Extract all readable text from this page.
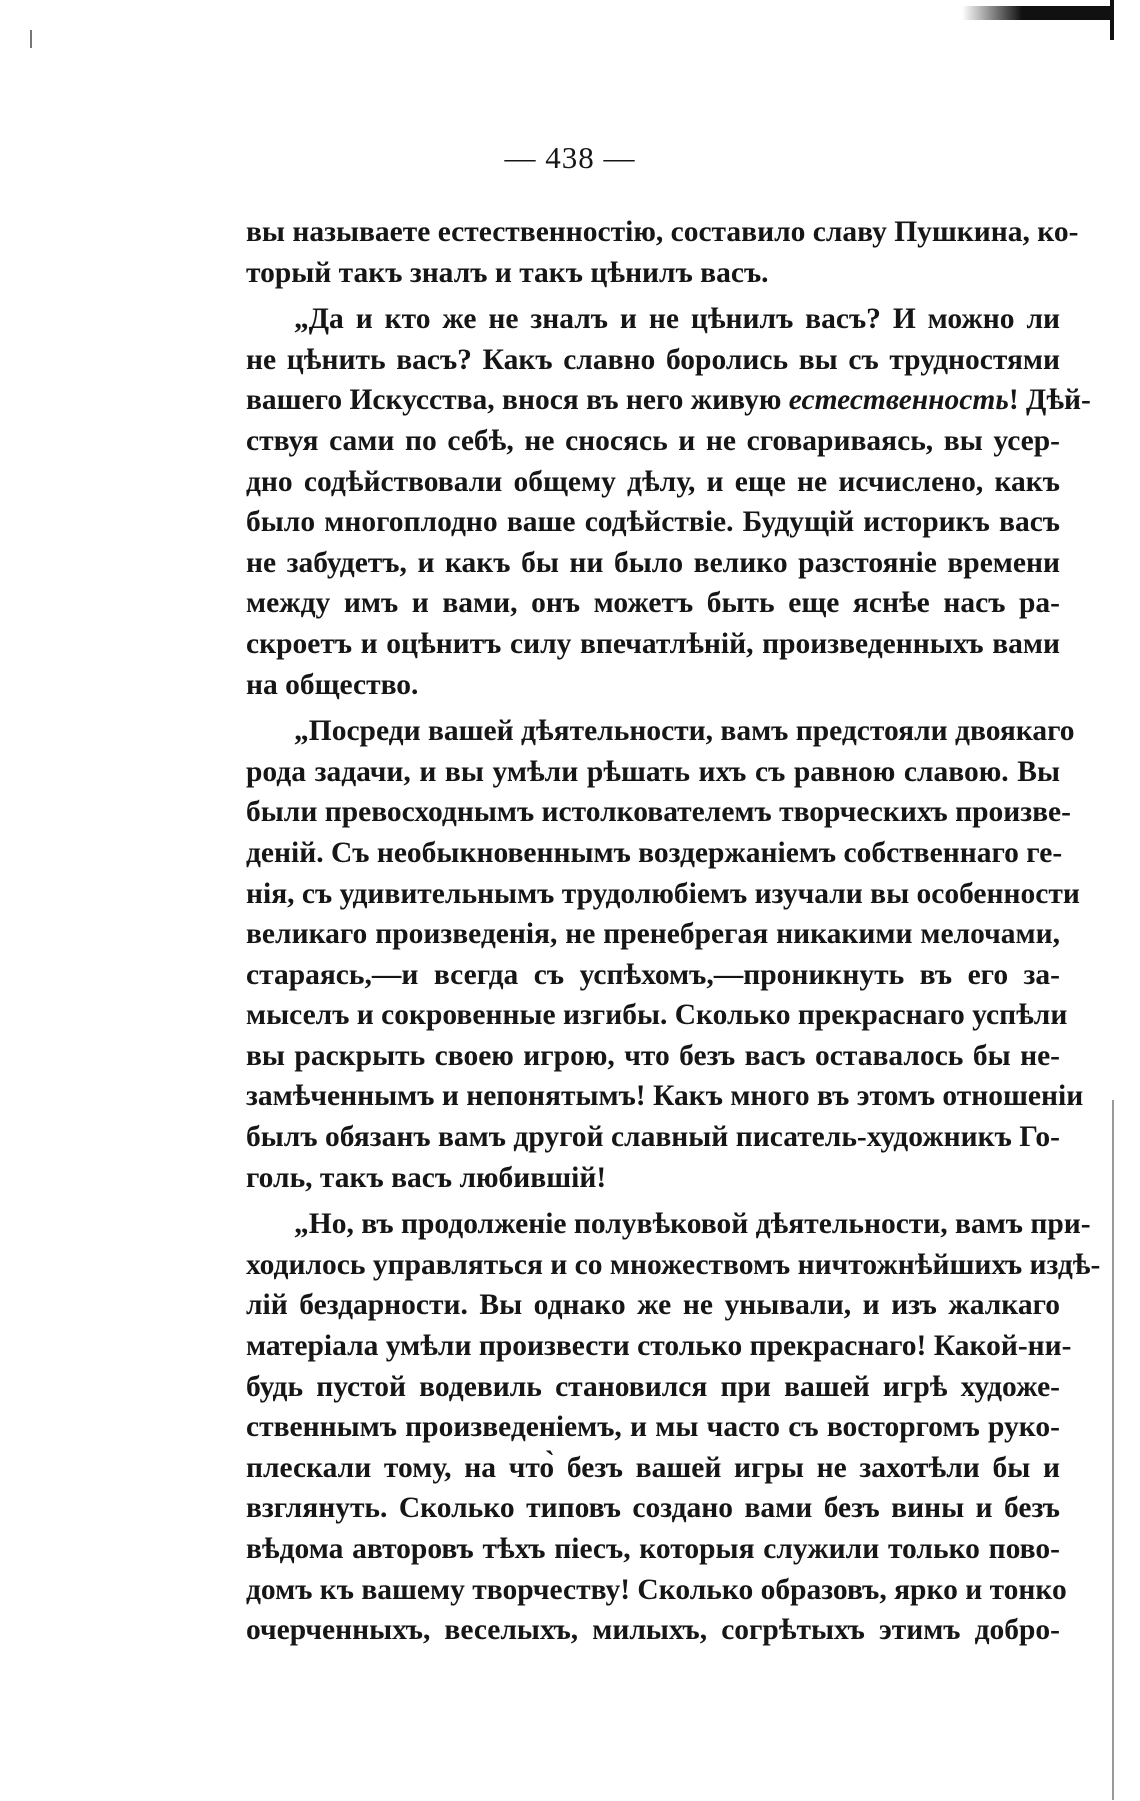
— 438 —
вы называете естественностію, составило славу Пушкина, ко-
торый такъ зналъ и такъ цѣнилъ васъ.
„Да и кто же не зналъ и не цѣнилъ васъ? И можно ли
не цѣнить васъ? Какъ славно боролись вы съ трудностями
вашего Искусства, внося въ него живую естественность! Дѣй-
ствуя сами по себѣ, не сносясь и не сговариваясь, вы усер-
дно содѣйствовали общему дѣлу, и еще не исчислено, какъ
было многоплодно ваше содѣйствіе. Будущій историкъ васъ
не забудетъ, и какъ бы ни было велико разстояніе времени
между имъ и вами, онъ можетъ быть еще яснѣе насъ ра-
скроетъ и оцѣнитъ силу впечатлѣній, произведенныхъ вами
на общество.
„Посреди вашей дѣятельности, вамъ предстояли двоякаго
рода задачи, и вы умѣли рѣшать ихъ съ равною славою. Вы
были превосходнымъ истолкователемъ творческихъ произве-
деній. Съ необыкновеннымъ воздержаніемъ собственнаго ге-
нія, съ удивительнымъ трудолюбіемъ изучали вы особенности
великаго произведенія, не пренебрегая никакими мелочами,
стараясь,—и всегда съ успѣхомъ,—проникнуть въ его за-
мыселъ и сокровенные изгибы. Сколько прекраснаго успѣли
вы раскрыть своею игрою, что безъ васъ оставалось бы не-
замѣченнымъ и непонятымъ! Какъ много въ этомъ отношеніи
былъ обязанъ вамъ другой славный писатель-художникъ Го-
голь, такъ васъ любившій!
„Но, въ продолженіе полувѣковой дѣятельности, вамъ при-
ходилось управляться и со множествомъ ничтожнѣйшихъ издѣ-
лій бездарности. Вы однако же не унывали, и изъ жалкаго
матеріала умѣли произвести столько прекраснаго! Какой-ни-
будь пустой водевиль становился при вашей игрѣ художе-
ственнымъ произведеніемъ, и мы часто съ восторгомъ руко-
плескали тому, на что̀ безъ вашей игры не захотѣли бы и
взглянуть. Сколько типовъ создано вами безъ вины и безъ
вѣдома авторовъ тѣхъ піесъ, которыя служили только пово-
домъ къ вашему творчеству! Сколько образовъ, ярко и тонко
очерченныхъ, веселыхъ, милыхъ, согрѣтыхъ этимъ добро-
